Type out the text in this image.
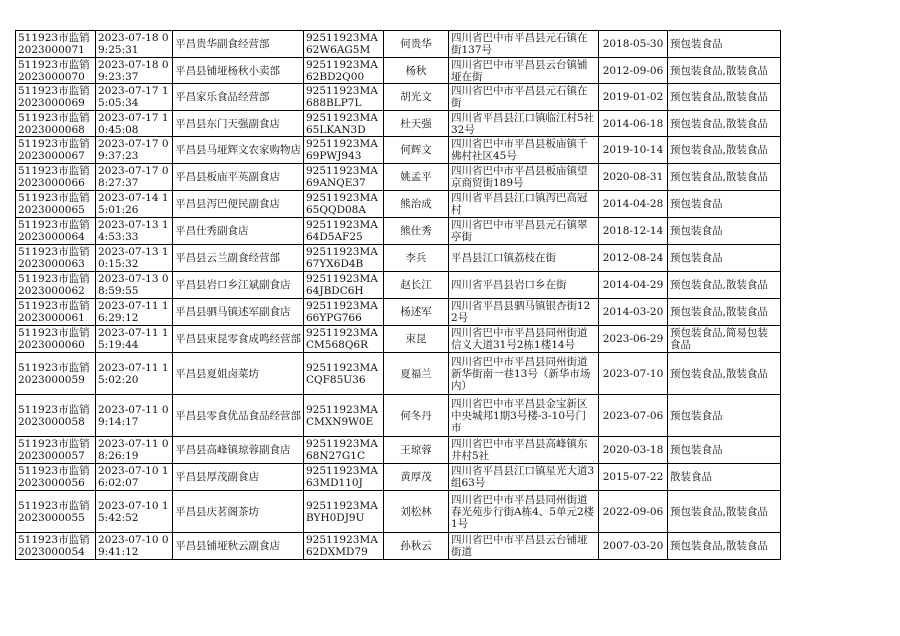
511923市监销2023000071	2023-07-18 09:25:31	平昌贵华副食经营部	92511923MA62W6AG5M	何贵华	四川省巴中市平昌县元石镇在街137号	2018-05-30	预包装食品
511923市监销2023000070	2023-07-18 09:23:37	平昌县铺垭杨秋小卖部	92511923MA62BD2Q00	杨秋	四川省巴中市平昌县云台镇铺垭在街	2012-09-06	预包装食品,散装食品
511923市监销2023000069	2023-07-17 15:05:34	平昌家乐食品经营部	92511923MA688BLP7L	胡光文	四川省巴中市平昌县元石镇在街	2019-01-02	预包装食品,散装食品
511923市监销2023000068	2023-07-17 10:45:08	平昌县东门天强副食店	92511923MA65LKAN3D	杜天强	四川省平昌县江口镇临江村5社32号	2014-06-18	预包装食品,散装食品
511923市监销2023000067	2023-07-17 09:37:23	平昌县马垭辉文农家购物店	92511923MA69PWJ943	何辉文	四川省巴中市平昌县板庙镇千佛村社区45号	2019-10-14	预包装食品,散装食品
511923市监销2023000066	2023-07-17 08:27:37	平昌县板庙平英副食店	92511923MA69ANQE37	姚孟平	四川省巴中市平昌县板庙镇望京商贸街189号	2020-08-31	预包装食品,散装食品
511923市监销2023000065	2023-07-14 15:01:26	平昌县泻巴便民副食店	92511923MA65QQD08A	熊治成	四川省平昌县江口镇泻巴高冠村	2014-04-28	预包装食品
511923市监销2023000064	2023-07-13 14:53:33	平昌仕秀副食店	92511923MA64D5AF25	熊仕秀	四川省巴中市平昌县元石镇翠亭街	2018-12-14	预包装食品
511923市监销2023000063	2023-07-13 10:15:32	平昌县云兰副食经营部	92511923MA67YX6D4B	李兵	平昌县江口镇荔枝在街	2012-08-24	预包装食品
511923市监销2023000062	2023-07-13 08:59:55	平昌县岩口乡江斌副食店	92511923MA64JBDC6H	赵长江	四川省平昌县岩口乡在街	2014-04-29	预包装食品,散装食品
511923市监销2023000061	2023-07-11 16:29:12	平昌县驷马镇述军副食店	92511923MA66YPG766	杨述军	四川省平昌县驷马镇银杏街122号	2014-03-20	预包装食品,散装食品
511923市监销2023000060	2023-07-11 15:19:44	平昌县束昆零食成鸣经营部	92511923MACM568Q6R	束昆	四川省巴中市平昌县同州街道信义大道31号2栋1楼14号	2023-06-29	预包装食品,简易包装食品
511923市监销2023000059	2023-07-11 15:02:20	平昌县夏姐卤菜坊	92511923MACQF85U36	夏福兰	四川省巴中市平昌县同州街道新华街南一巷13号（新华市场内）	2023-07-10	预包装食品,散装食品
511923市监销2023000058	2023-07-11 09:14:17	平昌县零食优品食品经营部	92511923MACMXN9W0E	何冬丹	四川省巴中市平昌县金宝新区中央城邦1期3号楼-3-10号门市	2023-07-06	预包装食品
511923市监销2023000057	2023-07-11 08:26:19	平昌县高峰镇琼蓉副食店	92511923MA68N27G1C	王琼蓉	四川省巴中市平昌县高峰镇东井村5社	2020-03-18	预包装食品
511923市监销2023000056	2023-07-10 16:02:07	平昌县厚茂副食店	92511923MA63MD110J	黄厚茂	四川省平昌县江口镇星光大道3组63号	2015-07-22	散装食品
511923市监销2023000055	2023-07-10 15:42:52	平昌县庆茗阁茶坊	92511923MABYH0DJ9U	刘松林	四川省巴中市平昌县同州街道春光苑步行街A栋4、5单元2楼1号	2022-09-06	预包装食品,散装食品
511923市监销2023000054	2023-07-10 09:41:12	平昌县铺垭秋云副食店	92511923MA62DXMD79	孙秋云	四川省巴中市平昌县云台铺垭街道	2007-03-20	预包装食品,散装食品
